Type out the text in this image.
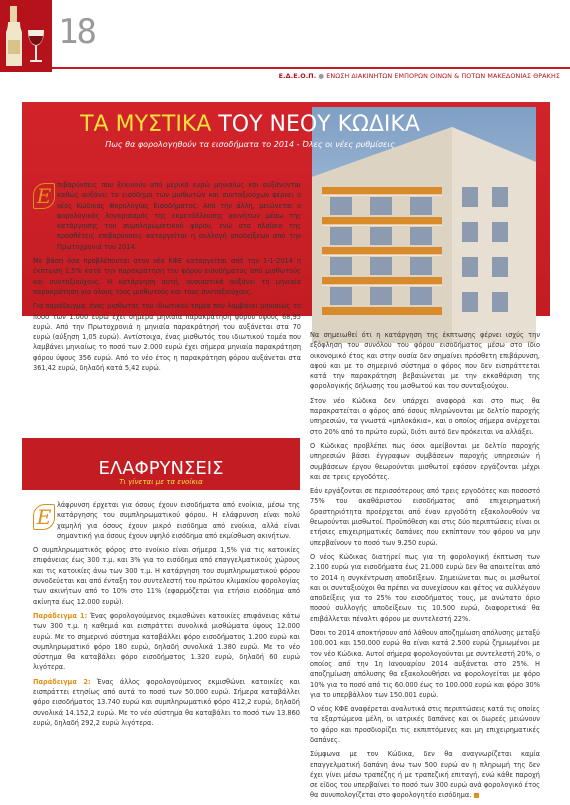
18
Ε.Δ.Ε.Ο.Π. ● ΕΝΩΣΗ ΔΙΑΚΙΝΗΤΩΝ ΕΜΠΟΡΩΝ ΟΙΝΩΝ & ΠΟΤΩΝ ΜΑΚΕΔΟΝΙΑΣ ΘΡΑΚΗΣ
ΤΑ ΜΥΣΤΙΚΑ ΤΟΥ ΝΕΟΥ ΚΩΔΙΚΑ
Πως θα φορολογηθούν τα εισοδήματα το 2014 - Όλες οι νέες ρυθμίσεις
Ε πιβαρύνσεις που ξεκινούν από μερικά ευρώ μηνιαίως και αυξάνονται καθώς αυξάνει το εισόδημα των μισθωτών και συνταξιούχων φέρνει ο νέος Κώδικας Φορολογίας Εισοδήματος. Από την άλλη, μειώνεται ο φορολογικός λογαριασμός της εκμετάλλευσης ακινήτων μέσω της κατάργησης του συμπληρωματικού φόρου, ενώ στο πλαίσιο της προσθέτεις επιβαρύνσεις καταργείται η συλλογή αποδείξεων από την Πρωτοχρονιά του 2014.

Με βάση όσα προβλέπονται στον νέο ΚΦΕ καταργείται από την 1-1-2014 η έκπτωση 1,5% κατά την παρακράτηση του φόρου εισοδήματος από μισθωτούς και συνταξιούχους. Η κατάργηση αυτή, ουσιαστικά αυξάνει τη μηνιαία παρακράτηση για όλους τους μισθωτούς και τους συνταξιούχους.

Για παράδειγμα, ένας μισθωτός του ιδιωτικού τομέα που λαμβάνει μηνιαίως το ποσό των 1.000 ευρώ έχει σήμερα μηνιαία παρακράτηση φόρου ύψους 68,95 ευρώ. Από την Πρωτοχρονιά η μηνιαία παρακράτησή του αυξάνεται στα 70 ευρώ (αύξηση 1,05 ευρώ). Αντίστοιχα, ένας μισθωτός του ιδιωτικού τομέα που λαμβάνει μηνιαίως το ποσό των 2.000 ευρώ έχει σήμερα μηνιαία παρακράτηση φόρου ύψους 356 ευρώ. Από το νέο έτος η παρακράτηση φόρου αυξάνεται στα 361,42 ευρώ, δηλαδή κατά 5,42 ευρώ.

ΕΛΑΦΡΥΝΣΕΙΣ
Τι γίνεται με τα ενοίκια
Ε λάφρυνση έρχεται για όσους έχουν εισοδήματα από ενοίκια, μέσω της κατάργησης του συμπληρωματικού φόρου. Η ελάφρυνση είναι πολύ χαμηλή για όσους έχουν μικρό εισόδημα από ενοίκια, αλλά είναι σημαντική για όσους έχουν υψηλό εισόδημα από εκμίσθωση ακινήτων.

Ο συμπληρωματικός φόρος στο ενοίκιο είναι σήμερα 1,5% για τις κατοικίες επιφάνειας έως 300 τ.μ. και 3% για το εισόδημα από επαγγελματικούς χώρους και τις κατοικίες άνω των 300 τ.μ. Η κατάργηση του συμπληρωματικού φόρου συνοδεύεται και από ένταξη του συντελεστή του πρώτου κλιμακίου φορολογίας των ακινήτων από το 10% στο 11% (εφαρμόζεται για ετήσιο εισόδημα από ακίνητα έως 12.000 ευρώ).

Παράδειγμα 1: Ένας φορολογούμενος εκμισθώνει κατοικίες επιφάνειας κάτω των 300 τ.μ. η καθεμιά και εισπράττει συνολικά μισθώματα ύψους 12.000 ευρώ. Με το σημερινό σύστημα καταβάλλει φόρο εισοδήματος 1.200 ευρώ και συμπληρωματικό φόρο 180 ευρώ, δηλαδή συνολικά 1.380 ευρώ. Με το νέο σύστημα θα καταβάλει φόρο εισοδήματος 1.320 ευρώ, δηλαδή 60 ευρώ λιγότερα.

Παράδειγμα 2: Ένας άλλος φορολογούμενος εκμισθώνει κατοικίες και εισπράττει ετησίως από αυτά το ποσό των 50.000 ευρώ. Σήμερα καταβάλλει φόρο εισοδήματος 13.740 ευρώ και συμπληρωματικό φόρο 412,2 ευρώ, δηλαδή συνολικά 14.152,2 ευρώ. Με το νέο σύστημα θα καταβάλει το ποσό των 13.860 ευρώ, δηλαδή 292,2 ευρώ λιγότερα.

Να σημειωθεί ότι η κατάργηση της έκπτωσης φέρνει ισχύς την εξόφληση του συνόλου του φόρου εισοδήματος μέσω στο ίδιο οικονομικό έτος και στην ουσία δεν σημαίνει πρόσθετη επιβάρυνση, αφού και με το σημερινό σύστημα ο φόρος που δεν εισπράττεται κατά την παρακράτηση βεβαιώνεται με την εκκαθάριση της φορολογικής δήλωσης του μισθωτού και του συνταξιούχου.

Στον νέο Κώδικα δεν υπάρχει αναφορά και στο πως θα παρακρατείται ο φόρος από όσους πληρώνονται με δελτίο παροχής υπηρεσιών, τα γνωστά «μπλοκάκια», και ο οποίος σήμερα ανέρχεται στο 20% από το πρώτο ευρώ, διότι αυτό δεν πρόκειται να αλλάξει.

Ο Κώδικας προβλέπει πως όσοι αμείβονται με δελτίο παροχής υπηρεσιών βάσει έγγραφων συμβάσεων παροχής υπηρεσιών ή συμβάσεων έργου θεωρούνται μισθωτοί εφόσον εργάζονται μέχρι και σε τρεις εργοδότες.

Εάν εργάζονται σε περισσότερους από τρεις εργοδότες και ποσοστό 75% του ακαθάριστου εισοδήματος από επιχειρηματική δραστηριότητα προέρχεται από έναν εργοδότη εξακολουθούν να θεωρούνται μισθωτοί. Προϋπόθεση και στις δύο περιπτώσεις είναι οι ετήσιες επιχειρηματικές δαπάνες που εκπίπτουν του φόρου να μην υπερβαίνουν το ποσό των 9.250 ευρώ.

Ο νέος Κώδικας διατηρεί πως για τη φορολογική έκπτωση των 2.100 ευρώ για εισοδήματα έως 21.000 ευρώ δεν θα απαιτείται από το 2014 η συγκέντρωση αποδείξεων. Σημειώνεται πως οι μισθωτοί και οι συνταξιούχοι θα πρέπει να συνεχίσουν και φέτος να συλλέγουν αποδείξεις για το 25% του εισοδήματος τους, με ανώτατο όριο ποσού συλλογής αποδείξεων τις 10.500 ευρώ, διαφορετικά θα επιβάλλεται πέναλτι φόρου με συντελεστή 22%.

Όσοι το 2014 αποκτήσουν από λάθουν αποζημίωση απόλυσης μεταξύ 100.001 και 150.000 ευρώ θα είναι κατά 2.500 ευρώ ζημιωμένοι με τον νέο Κώδικα. Αυτοί σήμερα φορολογούνται με συντελεστή 20%, ο οποίος από την 1η Ιανουαρίου 2014 αυξάνεται στο 25%. Η αποζημίωση απόλυσης θα εξακολουθήσει να φορολογείται με φόρο 10% για το ποσό από τις 60.000 έως το 100.000 ευρώ και φόρο 30% για το υπερβάλλον των 150.001 ευρώ.

Ο νέος ΚΦΕ αναφέρεται αναλυτικά στις περιπτώσεις κατά τις οποίες τα εξαρτώμενα μέλη, οι ιατρικές δαπάνες και οι δωρεές μειώνουν το φόρο και προσδιορίζει τις εκπιπτόμενες και μη επιχειρηματικές δαπάνες.

Σύμφωνα με τον Κώδικα, δεν θα αναγνωρίζεται καμία επαγγελματική δαπάνη άνω των 500 ευρώ αν η πληρωμή της δεν έχει γίνει μέσω τραπέζης ή με τραπεζική επιταγή, ενώ κάθε παροχή σε είδος του υπερβαίνει το ποσό των 300 ευρώ ανά φορολογικό έτος θα συνυπολογίζεται στο φορολογητέο εισόδημα. ■
